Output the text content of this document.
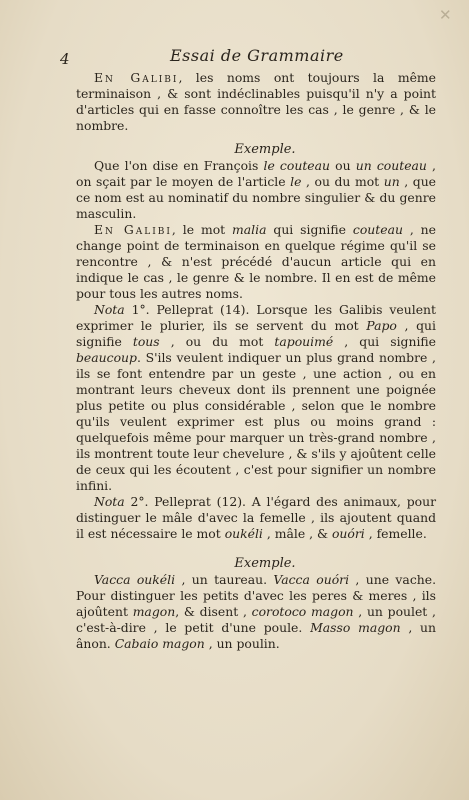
✕
4	Essai de Grammaire

En Galibi, les noms ont toujours la même terminaison , & sont indéclinables puisqu'il n'y a point d'articles qui en fasse connoître les cas , le genre , & le nombre.

Exemple.

Que l'on dise en François le couteau ou un couteau , on sçait par le moyen de l'article le , ou du mot un , que ce nom est au nominatif du nombre singulier & du genre masculin.

En Galibi, le mot malia qui signifie couteau , ne change point de terminaison en quelque régime qu'il se rencontre , & n'est précédé d'aucun article qui en indique le cas , le genre & le nombre. Il en est de même pour tous les autres noms.

Nota 1°. Pelleprat (14). Lorsque les Galibis veulent exprimer le plurier, ils se servent du mot Papo , qui signifie tous , ou du mot tapouimé , qui signifie beaucoup. S'ils veulent indiquer un plus grand nombre , ils se font entendre par un geste , une action , ou en montrant leurs cheveux dont ils prennent une poignée plus petite ou plus considérable , selon que le nombre qu'ils veulent exprimer est plus ou moins grand : quelquefois même pour marquer un très-grand nombre , ils montrent toute leur chevelure , & s'ils y ajoûtent celle de ceux qui les écoutent , c'est pour signifier un nombre infini.

Nota 2°. Pelleprat (12). A l'égard des animaux, pour distinguer le mâle d'avec la femelle , ils ajoutent quand il est nécessaire le mot oukéli , mâle , & ouóri , femelle.

Exemple.

Vacca oukéli , un taureau. Vacca ouóri , une vache. Pour distinguer les petits d'avec les peres & meres , ils ajoûtent magon, & disent , corotoco magon , un poulet , c'est-à-dire , le petit d'une poule. Masso magon , un ânon. Cabaio magon , un poulin.
